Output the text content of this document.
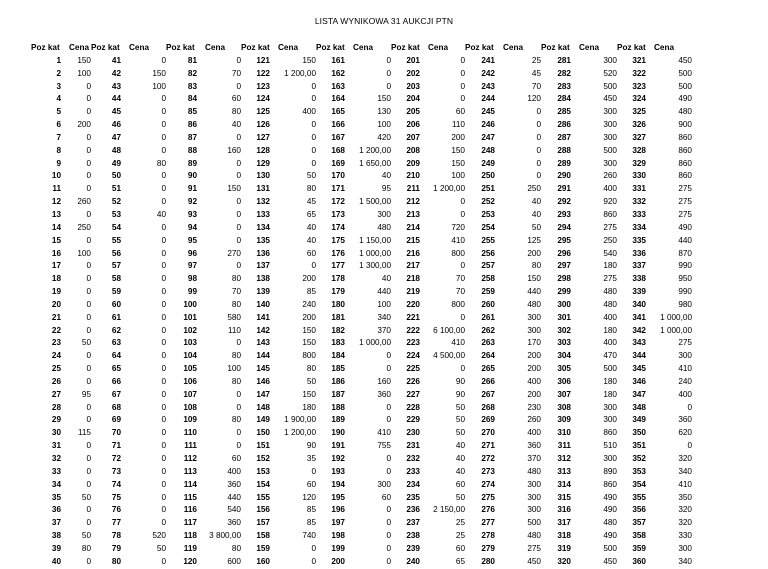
LISTA WYNIKOWA 31 AUKCJI PTN
Poz kat	Cena	Poz kat	Cena	Poz kat	Cena	Poz kat	Cena	Poz kat	Cena	Poz kat	Cena	Poz kat	Cena	Poz kat	Cena	Poz kat	Cena
1	150	41	0	81	0	121	150	161	0	201	0	241	25	281	300	321	450
2	100	42	150	82	70	122	1 200,00	162	0	202	0	242	45	282	520	322	500
3	0	43	100	83	0	123	0	163	0	203	0	243	70	283	500	323	500
4	0	44	0	84	60	124	0	164	150	204	0	244	120	284	450	324	490
5	0	45	0	85	80	125	400	165	130	205	60	245	0	285	300	325	480
6	200	46	0	86	40	126	0	166	100	206	110	246	0	286	300	326	900
7	0	47	0	87	0	127	0	167	420	207	200	247	0	287	300	327	860
8	0	48	0	88	160	128	0	168	1 200,00	208	150	248	0	288	500	328	860
9	0	49	80	89	0	129	0	169	1 650,00	209	150	249	0	289	300	329	860
10	0	50	0	90	0	130	50	170	40	210	100	250	0	290	260	330	860
11	0	51	0	91	150	131	80	171	95	211	1 200,00	251	250	291	400	331	275
12	260	52	0	92	0	132	45	172	1 500,00	212	0	252	40	292	920	332	275
13	0	53	40	93	0	133	65	173	300	213	0	253	40	293	860	333	275
14	250	54	0	94	0	134	40	174	480	214	720	254	50	294	275	334	490
15	0	55	0	95	0	135	40	175	1 150,00	215	410	255	125	295	250	335	440
16	100	56	0	96	270	136	60	176	1 000,00	216	800	256	200	296	540	336	870
17	0	57	0	97	0	137	0	177	1 300,00	217	0	257	80	297	180	337	990
18	0	58	0	98	80	138	200	178	40	218	70	258	150	298	275	338	950
19	0	59	0	99	70	139	85	179	440	219	70	259	440	299	480	339	990
20	0	60	0	100	80	140	240	180	100	220	800	260	480	300	480	340	980
21	0	61	0	101	580	141	200	181	340	221	0	261	300	301	400	341	1 000,00
22	0	62	0	102	110	142	150	182	370	222	6 100,00	262	300	302	180	342	1 000,00
23	50	63	0	103	0	143	150	183	1 000,00	223	410	263	170	303	400	343	275
24	0	64	0	104	80	144	800	184	0	224	4 500,00	264	200	304	470	344	300
25	0	65	0	105	100	145	80	185	0	225	0	265	200	305	500	345	410
26	0	66	0	106	80	146	50	186	160	226	90	266	400	306	180	346	240
27	95	67	0	107	0	147	150	187	360	227	90	267	200	307	180	347	400
28	0	68	0	108	0	148	180	188	0	228	50	268	230	308	300	348	0
29	0	69	0	109	80	149	1 900,00	189	0	229	50	269	260	309	300	349	360
30	115	70	0	110	0	150	1 200,00	190	410	230	50	270	400	310	860	350	620
31	0	71	0	111	0	151	90	191	755	231	40	271	360	311	510	351	0
32	0	72	0	112	60	152	35	192	0	232	40	272	370	312	300	352	320
33	0	73	0	113	400	153	0	193	0	233	40	273	480	313	890	353	340
34	0	74	0	114	360	154	60	194	300	234	60	274	300	314	860	354	410
35	50	75	0	115	440	155	120	195	60	235	50	275	300	315	490	355	350
36	0	76	0	116	540	156	85	196	0	236	2 150,00	276	300	316	490	356	320
37	0	77	0	117	360	157	85	197	0	237	25	277	500	317	480	357	320
38	50	78	520	118	3 800,00	158	740	198	0	238	25	278	480	318	490	358	330
39	80	79	50	119	80	159	0	199	0	239	60	279	275	319	500	359	300
40	0	80	0	120	600	160	0	200	0	240	65	280	450	320	450	360	340
